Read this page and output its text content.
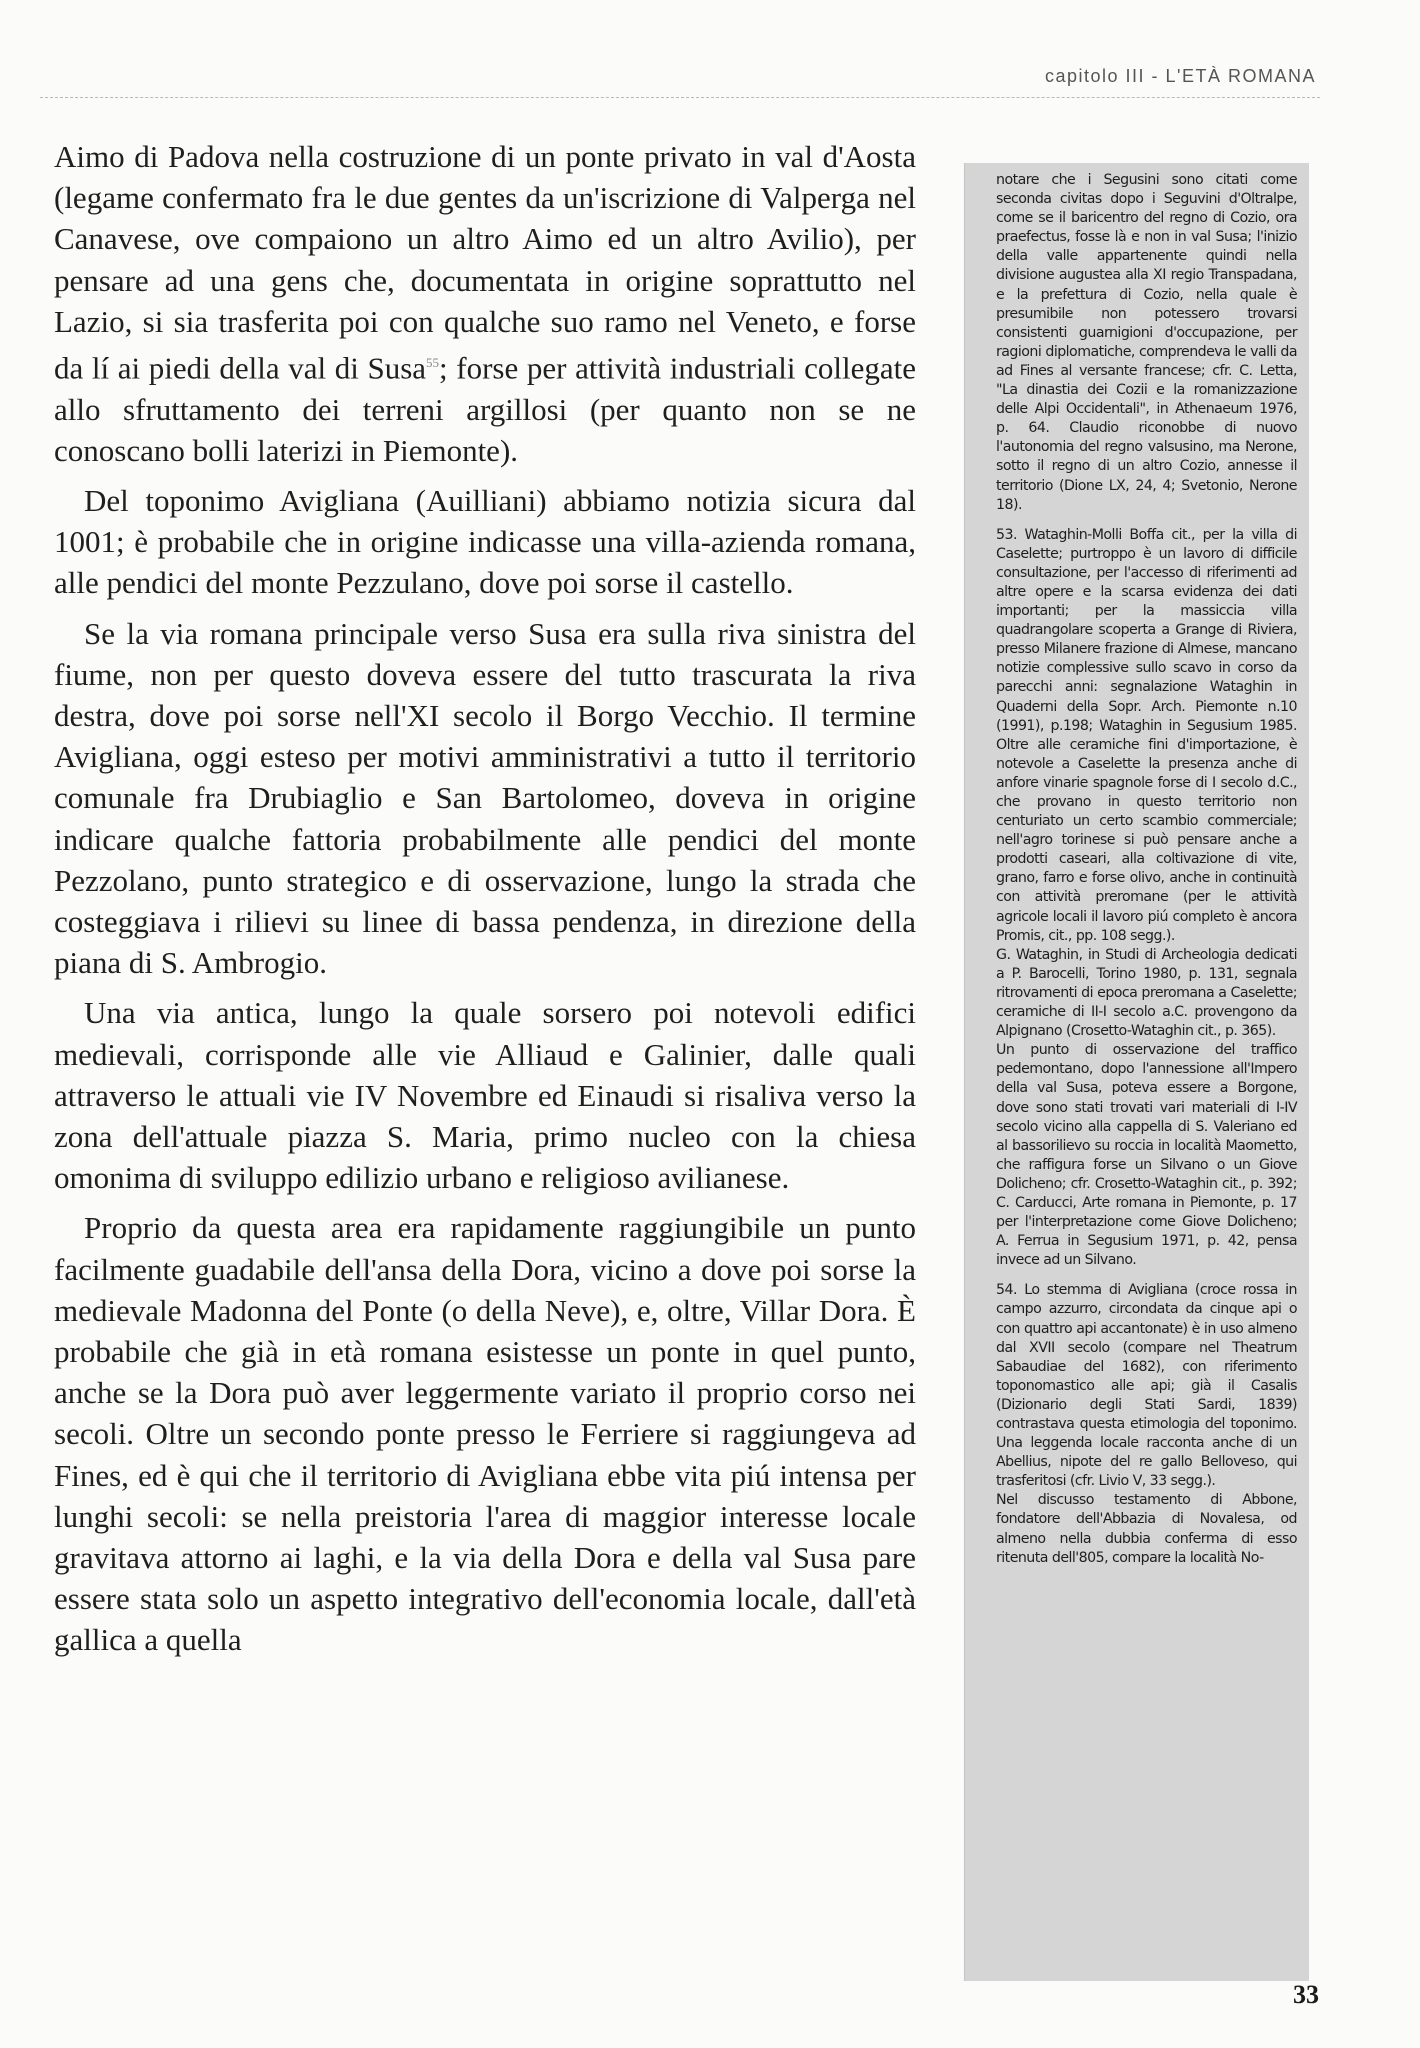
capitolo III - L'ETÀ ROMANA

Aimo di Padova nella costruzione di un ponte privato in val d'Aosta (legame confermato fra le due gentes da un'iscrizione di Valperga nel Canavese, ove compaiono un altro Aimo ed un altro Avilio), per pensare ad una gens che, documentata in origine soprattutto nel Lazio, si sia trasferita poi con qualche suo ramo nel Veneto, e forse da lí ai piedi della val di Susa$^{55}$; forse per attività industriali collegate allo sfruttamento dei terreni argillosi (per quanto non se ne conoscano bolli laterizi in Piemonte).

Del toponimo Avigliana (Auilliani) abbiamo notizia sicura dal 1001; è probabile che in origine indicasse una villa-azienda romana, alle pendici del monte Pezzulano, dove poi sorse il castello.

Se la via romana principale verso Susa era sulla riva sinistra del fiume, non per questo doveva essere del tutto trascurata la riva destra, dove poi sorse nell'XI secolo il Borgo Vecchio. Il termine Avigliana, oggi esteso per motivi amministrativi a tutto il territorio comunale fra Drubiaglio e San Bartolomeo, doveva in origine indicare qualche fattoria probabilmente alle pendici del monte Pezzolano, punto strategico e di osservazione, lungo la strada che costeggiava i rilievi su linee di bassa pendenza, in direzione della piana di S. Ambrogio.

Una via antica, lungo la quale sorsero poi notevoli edifici medievali, corrisponde alle vie Alliaud e Galinier, dalle quali attraverso le attuali vie IV Novembre ed Einaudi si risaliva verso la zona dell'attuale piazza S. Maria, primo nucleo con la chiesa omonima di sviluppo edilizio urbano e religioso avilianese.

Proprio da questa area era rapidamente raggiungibile un punto facilmente guadabile dell'ansa della Dora, vicino a dove poi sorse la medievale Madonna del Ponte (o della Neve), e, oltre, Villar Dora. È probabile che già in età romana esistesse un ponte in quel punto, anche se la Dora può aver leggermente variato il proprio corso nei secoli. Oltre un secondo ponte presso le Ferriere si raggiungeva ad Fines, ed è qui che il territorio di Avigliana ebbe vita piú intensa per lunghi secoli: se nella preistoria l'area di maggior interesse locale gravitava attorno ai laghi, e la via della Dora e della val Susa pare essere stata solo un aspetto integrativo dell'economia locale, dall'età gallica a quella

notare che i Segusini sono citati come seconda civitas dopo i Seguvini d'Oltralpe, come se il baricentro del regno di Cozio, ora praefectus, fosse là e non in val Susa; l'inizio della valle appartenente quindi nella divisione augustea alla XI regio Transpadana, e la prefettura di Cozio, nella quale è presumibile non potessero trovarsi consistenti guarnigioni d'occupazione, per ragioni diplomatiche, comprendeva le valli da ad Fines al versante francese; cfr. C. Letta, "La dinastia dei Cozii e la romanizzazione delle Alpi Occidentali", in Athenaeum 1976, p. 64. Claudio riconobbe di nuovo l'autonomia del regno valsusino, ma Nerone, sotto il regno di un altro Cozio, annesse il territorio (Dione LX, 24, 4; Svetonio, Nerone 18).

53. Wataghin-Molli Boffa cit., per la villa di Caselette; purtroppo è un lavoro di difficile consultazione, per l'accesso di riferimenti ad altre opere e la scarsa evidenza dei dati importanti; per la massiccia villa quadrangolare scoperta a Grange di Riviera, presso Milanere frazione di Almese, mancano notizie complessive sullo scavo in corso da parecchi anni: segnalazione Wataghin in Quaderni della Sopr. Arch. Piemonte n.10 (1991), p.198; Wataghin in Segusium 1985. Oltre alle ceramiche fini d'importazione, è notevole a Caselette la presenza anche di anfore vinarie spagnole forse di I secolo d.C., che provano in questo territorio non centuriato un certo scambio commerciale; nell'agro torinese si può pensare anche a prodotti caseari, alla coltivazione di vite, grano, farro e forse olivo, anche in continuità con attività preromane (per le attività agricole locali il lavoro piú completo è ancora Promis, cit., pp. 108 segg.).

G. Wataghin, in Studi di Archeologia dedicati a P. Barocelli, Torino 1980, p. 131, segnala ritrovamenti di epoca preromana a Caselette; ceramiche di II-I secolo a.C. provengono da Alpignano (Crosetto-Wataghin cit., p. 365).

Un punto di osservazione del traffico pedemontano, dopo l'annessione all'Impero della val Susa, poteva essere a Borgone, dove sono stati trovati vari materiali di I-IV secolo vicino alla cappella di S. Valeriano ed al bassorilievo su roccia in località Maometto, che raffigura forse un Silvano o un Giove Dolicheno; cfr. Crosetto-Wataghin cit., p. 392; C. Carducci, Arte romana in Piemonte, p. 17 per l'interpretazione come Giove Dolicheno; A. Ferrua in Segusium 1971, p. 42, pensa invece ad un Silvano.

54. Lo stemma di Avigliana (croce rossa in campo azzurro, circondata da cinque api o con quattro api accantonate) è in uso almeno dal XVII secolo (compare nel Theatrum Sabaudiae del 1682), con riferimento toponomastico alle api; già il Casalis (Dizionario degli Stati Sardi, 1839) contrastava questa etimologia del toponimo. Una leggenda locale racconta anche di un Abellius, nipote del re gallo Belloveso, qui trasferitosi (cfr. Livio V, 33 segg.).

Nel discusso testamento di Abbone, fondatore dell'Abbazia di Novalesa, od almeno nella dubbia conferma di esso ritenuta dell'805, compare la località No-

33
